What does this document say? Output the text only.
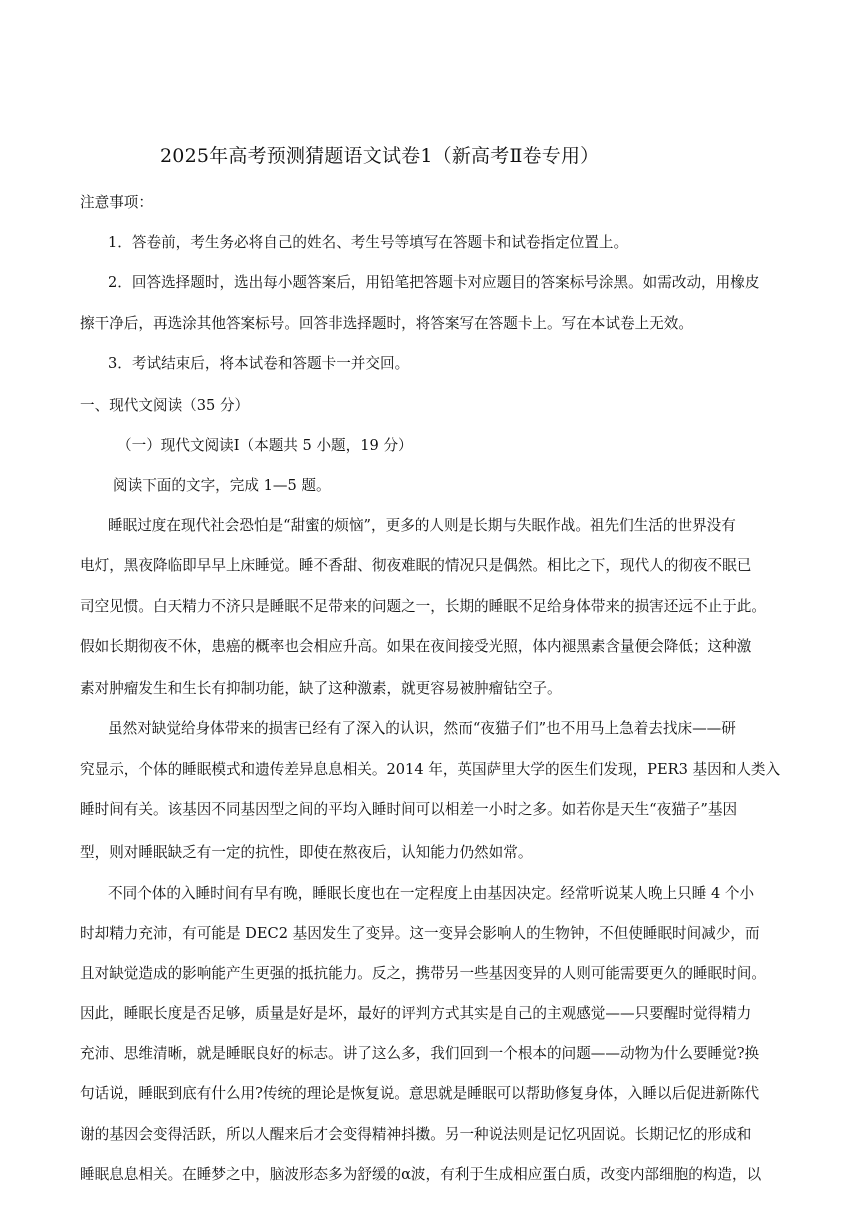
2025年高考预测猜题语文试卷1（新高考Ⅱ卷专用）
注意事项：
1．答卷前，考生务必将自己的姓名、考生号等填写在答题卡和试卷指定位置上。
2．回答选择题时，选出每小题答案后，用铅笔把答题卡对应题目的答案标号涂黑。如需改动，用橡皮
擦干净后，再选涂其他答案标号。回答非选择题时，将答案写在答题卡上。写在本试卷上无效。
3．考试结束后，将本试卷和答题卡一并交回。
一、现代文阅读（35 分）
（一）现代文阅读Ⅰ（本题共 5 小题，19 分）
阅读下面的文字，完成 1—5 题。
睡眠过度在现代社会恐怕是“甜蜜的烦恼”，更多的人则是长期与失眠作战。祖先们生活的世界没有
电灯，黑夜降临即早早上床睡觉。睡不香甜、彻夜难眠的情况只是偶然。相比之下，现代人的彻夜不眠已
司空见惯。白天精力不济只是睡眠不足带来的问题之一，长期的睡眠不足给身体带来的损害还远不止于此。
假如长期彻夜不休，患癌的概率也会相应升高。如果在夜间接受光照，体内褪黑素含量便会降低；这种激
素对肿瘤发生和生长有抑制功能，缺了这种激素，就更容易被肿瘤钻空子。
虽然对缺觉给身体带来的损害已经有了深入的认识，然而“夜猫子们”也不用马上急着去找床——研
究显示，个体的睡眠模式和遗传差异息息相关。2014 年，英国萨里大学的医生们发现，PER3 基因和人类入
睡时间有关。该基因不同基因型之间的平均入睡时间可以相差一小时之多。如若你是天生“夜猫子”基因
型，则对睡眠缺乏有一定的抗性，即使在熬夜后，认知能力仍然如常。
不同个体的入睡时间有早有晚，睡眠长度也在一定程度上由基因决定。经常听说某人晚上只睡 4 个小
时却精力充沛，有可能是 DEC2 基因发生了变异。这一变异会影响人的生物钟，不但使睡眠时间减少，而
且对缺觉造成的影响能产生更强的抵抗能力。反之，携带另一些基因变异的人则可能需要更久的睡眠时间。
因此，睡眠长度是否足够，质量是好是坏，最好的评判方式其实是自己的主观感觉——只要醒时觉得精力
充沛、思维清晰，就是睡眠良好的标志。讲了这么多，我们回到一个根本的问题——动物为什么要睡觉?换
句话说，睡眠到底有什么用?传统的理论是恢复说。意思就是睡眠可以帮助修复身体，入睡以后促进新陈代
谢的基因会变得活跃，所以人醒来后才会变得精神抖擞。另一种说法则是记忆巩固说。长期记忆的形成和
睡眠息息相关。在睡梦之中，脑波形态多为舒缓的α波，有利于生成相应蛋白质，改变内部细胞的构造，以
